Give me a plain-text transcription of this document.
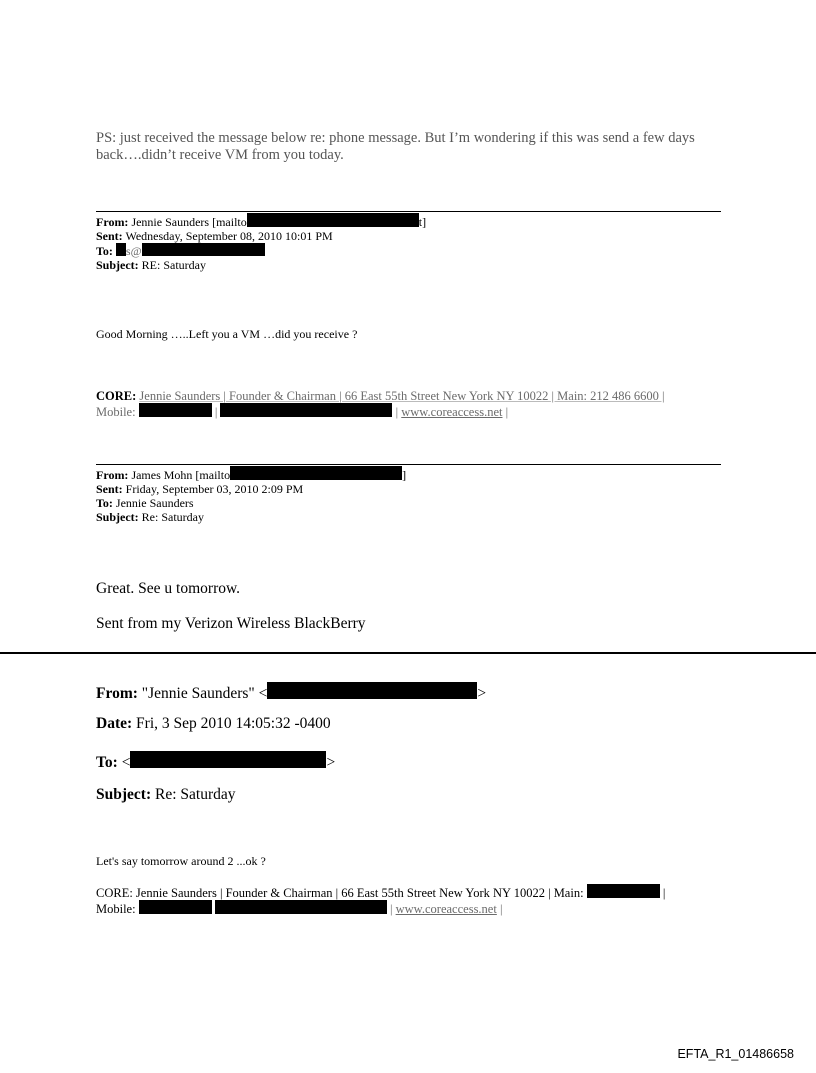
PS: just received the message below re: phone message. But I’m wondering if this was send a few days back….didn’t receive VM from you today.
From: Jennie Saunders [mailto	t]
Sent: Wednesday, September 08, 2010 10:01 PM
To: s@
Subject: RE: Saturday
Good Morning …..Left you a VM …did you receive ?
CORE: Jennie Saunders | Founder & Chairman | 66 East 55th Street New York NY 10022 | Main: 212 486 6600 |
Mobile:	|	| www.coreaccess.net |
From: James Mohn [mailto	]
Sent: Friday, September 03, 2010 2:09 PM
To: Jennie Saunders
Subject: Re: Saturday
Great. See u tomorrow.
Sent from my Verizon Wireless BlackBerry
From: "Jennie Saunders" <	>
Date: Fri, 3 Sep 2010 14:05:32 -0400
To: <	>
Subject: Re: Saturday
Let's say tomorrow around 2 ...ok ?
CORE: Jennie Saunders | Founder & Chairman | 66 East 55th Street New York NY 10022 | Main:	|
Mobile:	| www.coreaccess.net |
EFTA_R1_01486658
